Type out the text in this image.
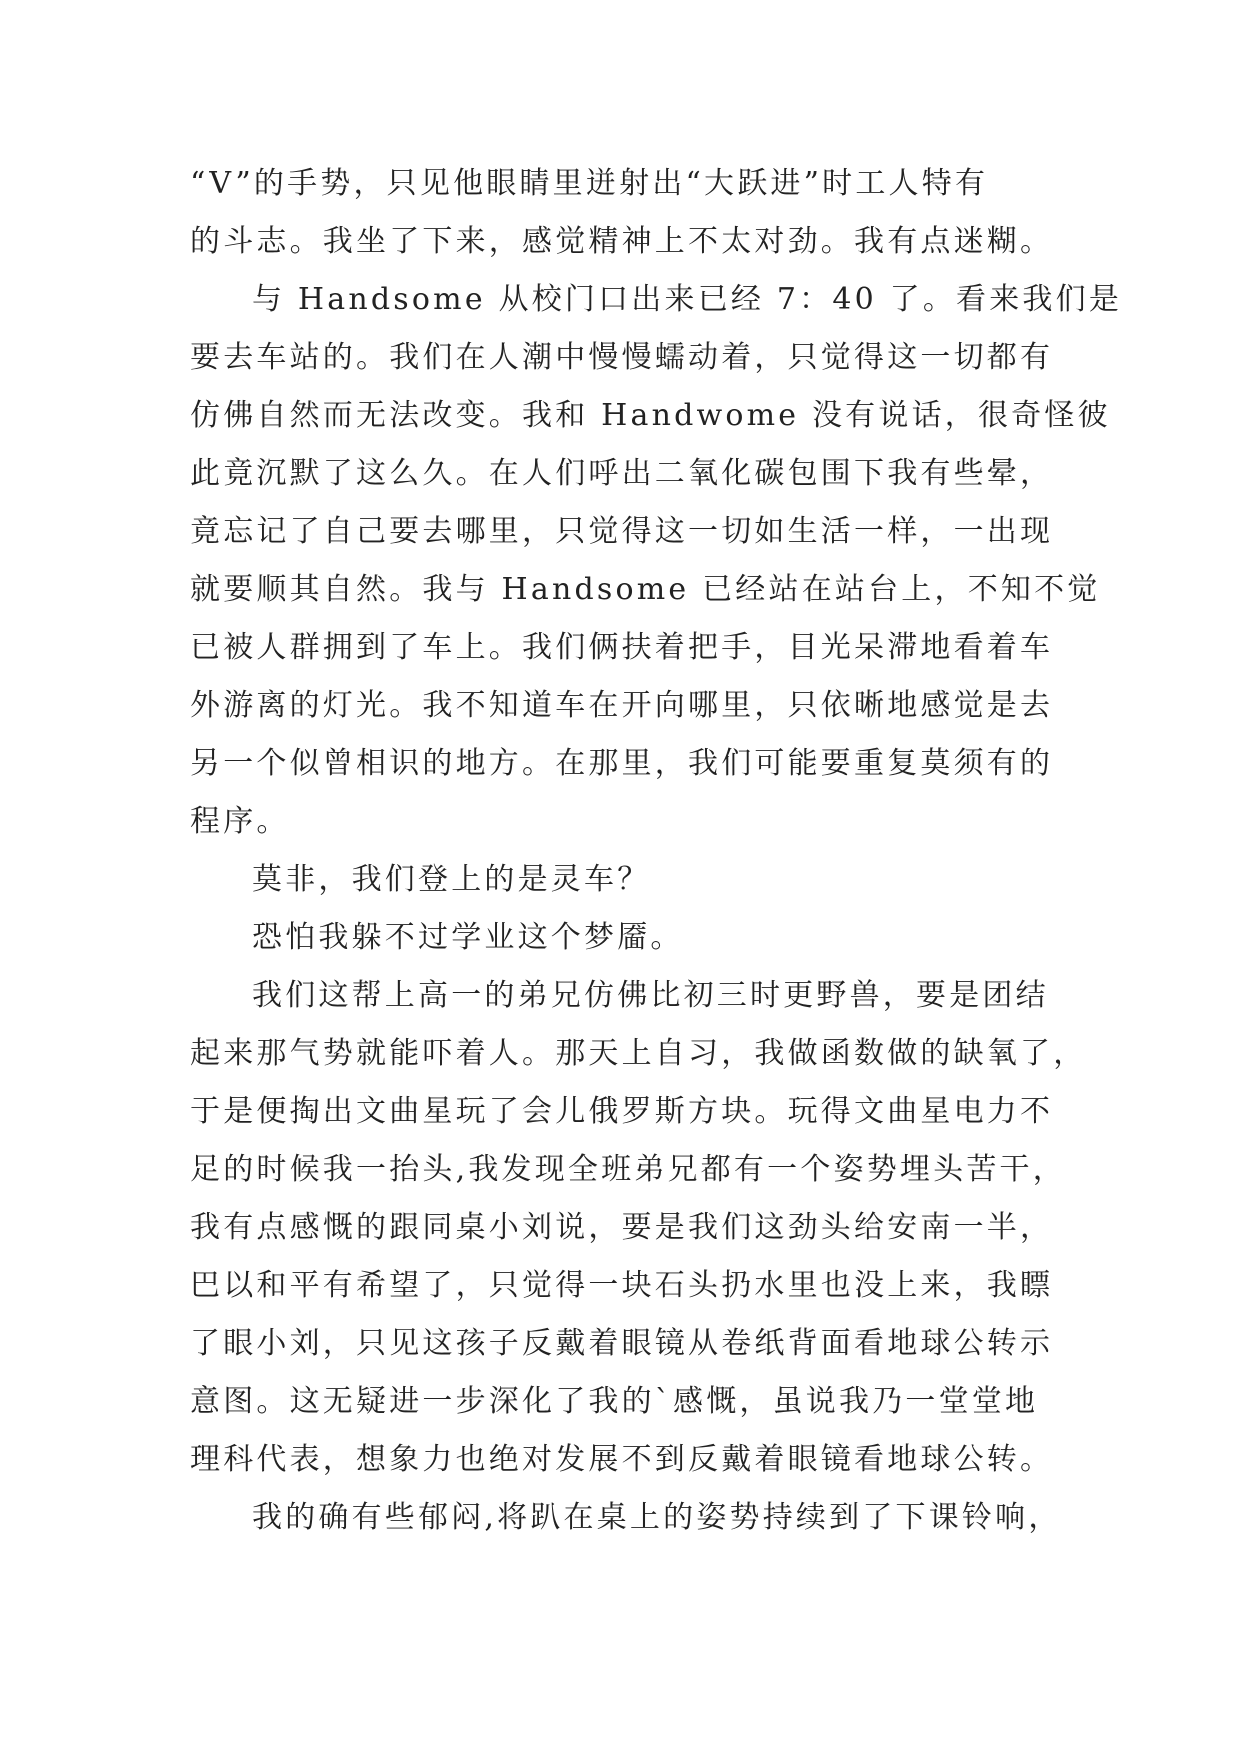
“V”的手势，只见他眼睛里迸射出“大跃进”时工人特有
的斗志。我坐了下来，感觉精神上不太对劲。我有点迷糊。
与 Handsome 从校门口出来已经 7：40 了。看来我们是
要去车站的。我们在人潮中慢慢蠕动着，只觉得这一切都有
仿佛自然而无法改变。我和 Handwome 没有说话，很奇怪彼
此竟沉默了这么久。在人们呼出二氧化碳包围下我有些晕，
竟忘记了自己要去哪里，只觉得这一切如生活一样，一出现
就要顺其自然。我与 Handsome 已经站在站台上，不知不觉
已被人群拥到了车上。我们俩扶着把手，目光呆滞地看着车
外游离的灯光。我不知道车在开向哪里，只依晰地感觉是去
另一个似曾相识的地方。在那里，我们可能要重复莫须有的
程序。
莫非，我们登上的是灵车？
恐怕我躲不过学业这个梦靥。
我们这帮上高一的弟兄仿佛比初三时更野兽，要是团结
起来那气势就能吓着人。那天上自习，我做函数做的缺氧了，
于是便掏出文曲星玩了会儿俄罗斯方块。玩得文曲星电力不
足的时候我一抬头,我发现全班弟兄都有一个姿势埋头苦干，
我有点感慨的跟同桌小刘说，要是我们这劲头给安南一半，
巴以和平有希望了，只觉得一块石头扔水里也没上来，我瞟
了眼小刘，只见这孩子反戴着眼镜从卷纸背面看地球公转示
意图。这无疑进一步深化了我的`感慨，虽说我乃一堂堂地
理科代表，想象力也绝对发展不到反戴着眼镜看地球公转。
我的确有些郁闷,将趴在桌上的姿势持续到了下课铃响，
